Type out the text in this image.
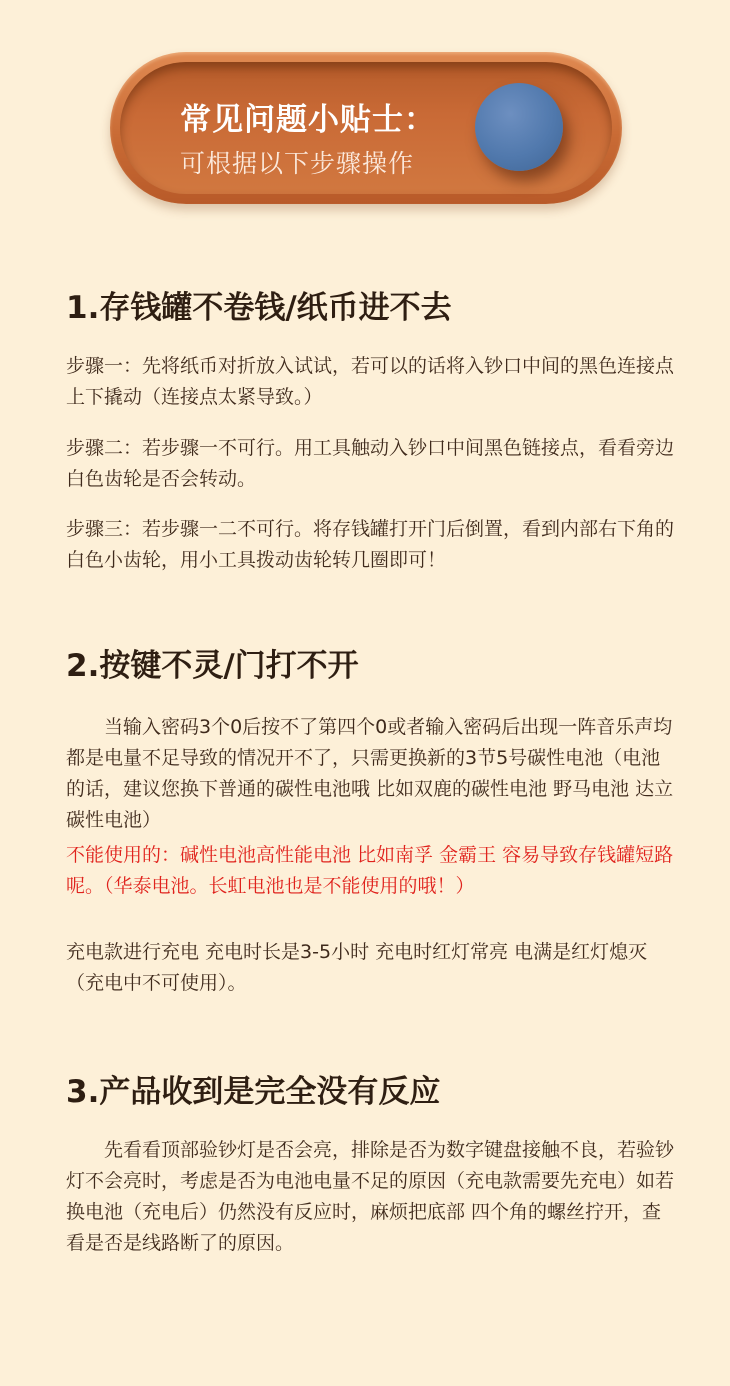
常见问题小贴士：
可根据以下步骤操作
1.存钱罐不卷钱/纸币进不去
步骤一：先将纸币对折放入试试，若可以的话将入钞口中间的黑色连接点上下撬动（连接点太紧导致。）
步骤二：若步骤一不可行。用工具触动入钞口中间黑色链接点，看看旁边白色齿轮是否会转动。
步骤三：若步骤一二不可行。将存钱罐打开门后倒置，看到内部右下角的白色小齿轮，用小工具拨动齿轮转几圈即可！
2.按键不灵/门打不开
　　当输入密码3个0后按不了第四个0或者输入密码后出现一阵音乐声均都是电量不足导致的情况开不了，只需更换新的3节5号碳性电池（电池的话，建议您换下普通的碳性电池哦 比如双鹿的碳性电池 野马电池 达立碳性电池）
不能使用的：碱性电池高性能电池 比如南孚 金霸王 容易导致存钱罐短路呢。（华泰电池。长虹电池也是不能使用的哦！）
充电款进行充电 充电时长是3-5小时 充电时红灯常亮 电满是红灯熄灭（充电中不可使用）。
3.产品收到是完全没有反应
　　先看看顶部验钞灯是否会亮，排除是否为数字键盘接触不良，若验钞灯不会亮时，考虑是否为电池电量不足的原因（充电款需要先充电）如若换电池（充电后）仍然没有反应时，麻烦把底部 四个角的螺丝拧开，查看是否是线路断了的原因。
